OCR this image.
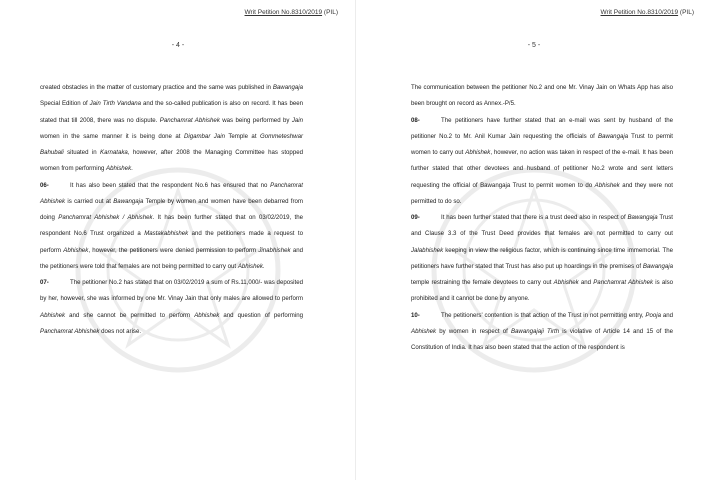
Writ Petition No.8310/2019 (PIL)
- 4 -

created obstacles in the matter of customary practice and the same was published in Bawangaja Special Edition of Jain Tirth Vandana and the so-called publication is also on record. It has been stated that till 2008, there was no dispute. Panchamrat Abhishek was being performed by Jain women in the same manner it is being done at Digambar Jain Temple at Gommeteshwar Bahubali situated in Karnataka, however, after 2008 the Managing Committee has stopped women from performing Abhishek.

06-	It has also been stated that the respondent No.6 has ensured that no Panchamrat Abhishek is carried out at Bawangaja Temple by women and women have been debarred from doing Panchamrat Abhishek / Abhishek. It has been further stated that on 03/02/2019, the respondent No.6 Trust organized a Mastakabhishek and the petitioners made a request to perform Abhishek, however, the petitioners were denied permission to perform Jinabhishek and the petitioners were told that females are not being permitted to carry out Abhishek.

07-	The petitioner No.2 has stated that on 03/02/2019 a sum of Rs.11,000/- was deposited by her, however, she was informed by one Mr. Vinay Jain that only males are allowed to perform Abhishek and she cannot be permitted to perform Abhishek and question of performing Panchamrat Abhishek does not arise.

Writ Petition No.8310/2019 (PIL)
- 5 -

The communication between the petitioner No.2 and one Mr. Vinay Jain on Whats App has also been brought on record as Annex.-P/5.

08-	The petitioners have further stated that an e-mail was sent by husband of the petitioner No.2 to Mr. Anil Kumar Jain requesting the officials of Bawangaja Trust to permit women to carry out Abhishek, however, no action was taken in respect of the e-mail. It has been further stated that other devotees and husband of petitioner No.2 wrote and sent letters requesting the official of Bawangaja Trust to permit women to do Abhishek and they were not permitted to do so.

09-	It has been further stated that there is a trust deed also in respect of Bawangaja Trust and Clause 3.3 of the Trust Deed provides that females are not permitted to carry out Jalabhishek keeping in view the religious factor, which is continuing since time immemorial. The petitioners have further stated that Trust has also put up hoardings in the premises of Bawangaja temple restraining the female devotees to carry out Abhishek and Panchamrat Abhishek is also prohibited and it cannot be done by anyone.

10-	The petitioners' contention is that action of the Trust in not permitting entry, Pooja and Abhishek by women in respect of Bawangajaji Tirth is violative of Article 14 and 15 of the Constitution of India. It has also been stated that the action of the respondent is
